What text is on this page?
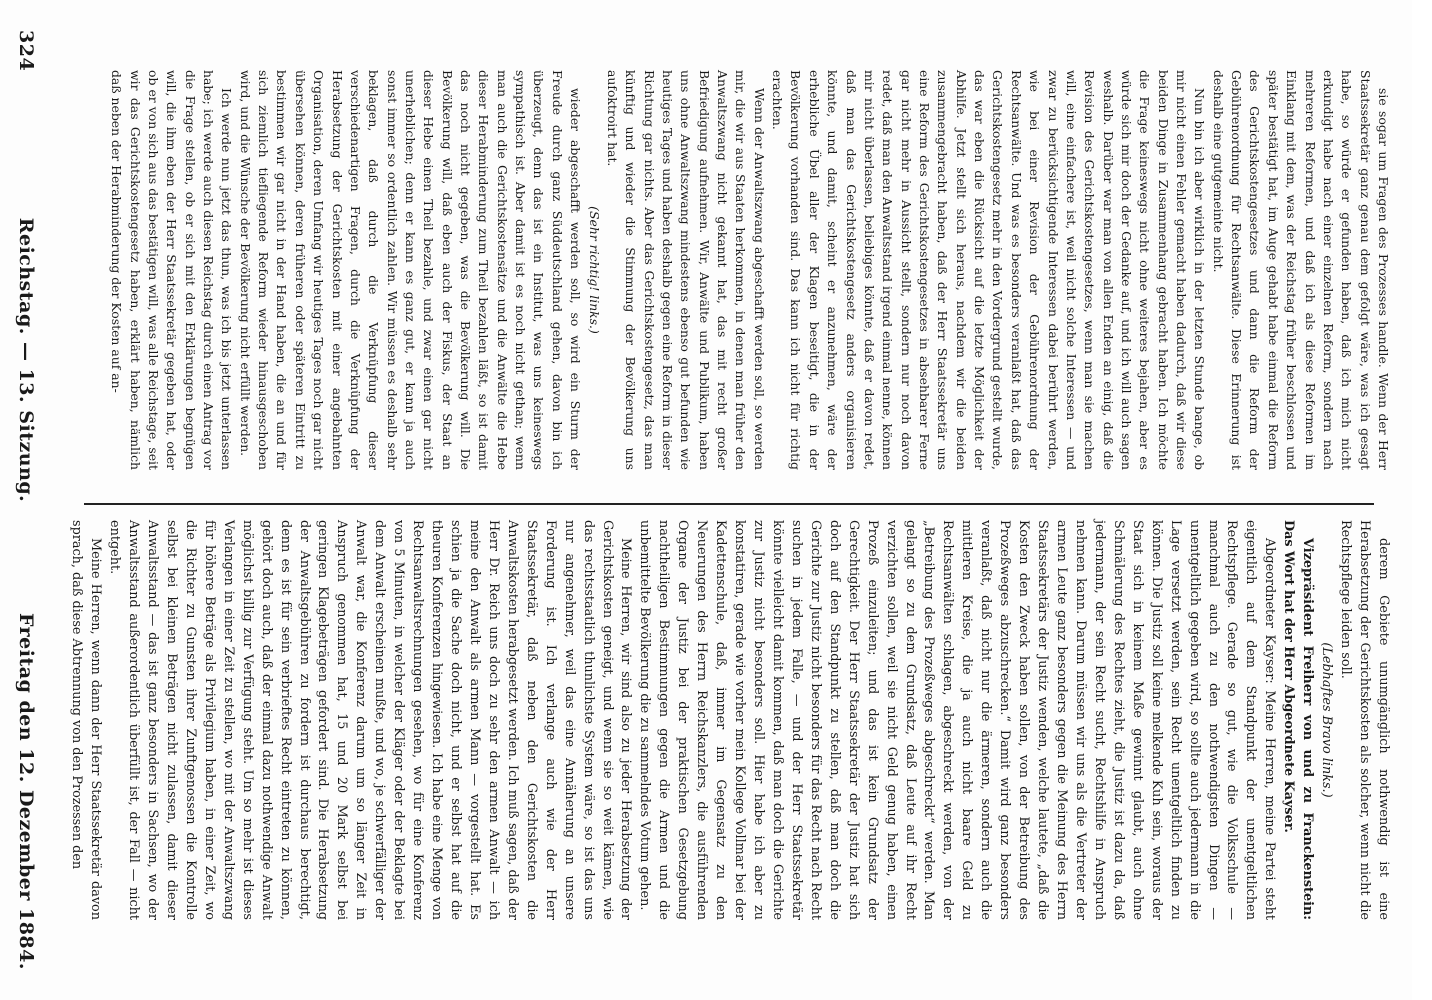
324
Reichstag. — 13. Sitzung.
Freitag den 12. Dezember 1884.

sie sogar um Fragen des Prozesses handle. Wenn der Herr Staatssekretär ganz genau dem gefolgt wäre, was ich gesagt habe, so würde er gefunden haben, daß ich mich nicht erkundigt habe nach einer einzelnen Reform, sondern nach mehreren Reformen, und daß ich als diese Reformen im Einklang mit dem, was der Reichstag früher beschlossen und später bestätigt hat, im Auge gehabt habe einmal die Reform des Gerichtskostengesetzes und dann die Reform der Gebührenordnung für Rechtsanwälte. Diese Erinnerung ist deshalb eine gutgemeinte nicht.

Nun bin ich aber wirklich in der letzten Stunde bange, ob mir nicht einen Fehler gemacht haben dadurch, daß wir diese beiden Dinge in Zusammenhang gebracht haben. Ich möchte die Frage keineswegs nicht ohne weiteres bejahen, aber es würde sich mir doch der Gedanke auf, und ich will auch sagen weshalb. Darüber war man von allen Enden an einig, daß die Revision des Gerichtskostengesetzes, wenn man sie machen will, eine einfachere ist, weil nicht solche Interessen — und zwar zu berücksichtigende Interessen dabei berührt werden, wie bei einer Revision der Gebührenordnung der Rechtsanwälte. Und was es besonders veranlaßt hat, daß das Gerichtskostengesetz mehr in den Vordergrund gestellt wurde, das war eben die Rücksicht auf die letzte Möglichkeit der Abhilfe. Jetzt stellt sich heraus, nachdem wir die beiden zusammengebracht haben, daß der Herr Staatssekretär uns eine Reform des Gerichtskostengesetzes in absehbarer Ferne gar nicht mehr in Aussicht stellt, sondern nur noch davon redet, daß man den Anwaltsstand irgend einmal nenne, können mir nicht überlassen, beliebiges könnte, daß er davon redet, daß man das Gerichtskostengesetz anders organisieren könnte, und damit, scheint er anzunehmen, wäre der erhebliche Übel aller der Klagen beseitigt, die in der Bevölkerung vorhanden sind. Das kann ich nicht für richtig erachten.

Wenn der Anwaltszwang abgeschafft werden soll, so werden mir, die wir aus Staaten herkommen, in denen man früher den Anwaltszwang nicht gekannt hat, das mit recht großer Befriedigung aufnehmen. Wir, Anwälte und Publikum, haben uns ohne Anwaltszwang mindestens ebenso gut befunden wie heutiges Tages und haben deshalb gegen eine Reform in dieser Richtung gar nichts. Aber das Gerichtskostengesetz, das man künftig und wieder die Stimmung der Bevölkerung uns aufoktroirt hat.

(Sehr richtig! links.)

wieder abgeschafft werden soll, so wird ein Sturm der Freude durch ganz Süddeutschland gehen, davon bin ich überzeugt, denn das ist ein Institut, was uns keineswegs sympathisch ist. Aber damit ist es noch nicht gethan; wenn man auch die Gerichtskostensätze und die Anwälte die Hebe dieser Herabminderung zum Theil bezahlen läßt, so ist damit das noch nicht gegeben, was die Bevölkerung will. Die Bevölkerung will, daß eben auch der Fiskus, der Staat an dieser Hebe einen Theil bezahle, und zwar einen gar nicht unerheblichen; denn er kann es ganz gut, er kann ja auch sonst immer so ordentlich zahlen. Wir müssen es deshalb sehr beklagen, daß durch die Verknüpfung dieser verschiedenartigen Fragen, durch die Verknüpfung der Herabsetzung der Gerichtskosten mit einer angebahnten Organisation, deren Umfang wir heutiges Tages noch gar nicht übersehen können, deren früheren oder späteren Eintritt zu bestimmen wir gar nicht in der Hand haben, die an und für sich ziemlich tiefliegende Reform wieder hinausgeschoben wird, und die Wünsche der Bevölkerung nicht erfüllt werden.

Ich werde nun jetzt das thun, was ich bis jetzt unterlassen habe; ich werde auch diesen Reichstag durch einen Antrag vor die Frage stellen, ob er sich mit den Erklärungen begnügen will, die ihm eben der Herr Staatssekretär gegeben hat, oder ob er von sich aus das bestätigen will, was alle Reichstage, seit wir das Gerichtskostengesetz haben, erklärt haben, nämlich daß neben der Herabminderung der Kosten auf an-

derem Gebiete unumgänglich nothwendig ist eine Herabsetzung der Gerichtskosten als solcher, wenn nicht die Rechtspflege leiden soll.

(Lebhaftes Bravo links.)

Vizepräsident Freiherr von und zu Franckenstein: Das Wort hat der Herr Abgeordnete Kayser.

Abgeordneter Kayser: Meine Herren, meine Partei steht eigentlich auf dem Standpunkt der unentgeltlichen Rechtspflege. Gerade so gut, wie die Volksschule — manchmal auch zu den nothwendigsten Dingen — unentgeltlich gegeben wird, so sollte auch jedermann in die Lage versetzt werden, sein Recht unentgeltlich finden zu können. Die Justiz soll keine melkende Kuh sein, woraus der Staat sich in keinem Maße gewinnt glaubt, auch ohne Schmälerung des Rechtes zieht, die Justiz ist dazu da, daß jedermann, der sein Recht sucht, Rechtshilfe in Anspruch nehmen kann. Darum müssen wir uns als die Vertreter der armen Leute ganz besonders gegen die Meinung des Herrn Staatssekretärs der Justiz wenden, welche lautete, „daß die Kosten den Zweck haben sollen, von der Betreibung des Prozeßweges abzuschrecken.“ Damit wird ganz besonders veranlaßt, daß nicht nur die ärmeren, sondern auch die mittleren Kreise, die ja auch nicht baare Geld zu Rechtsanwälten schlagen, abgeschreckt werden, von der „Betreibung des Prozeßweges abgeschreckt“ werden. Man gelangt so zu dem Grundsatz, daß Leute auf ihr Recht verzichten sollen, weil sie nicht Geld genug haben, einen Prozeß einzuleiten; und das ist kein Grundsatz der Gerechtigkeit. Der Herr Staatssekretär der Justiz hat sich doch auf den Standpunkt zu stellen, daß man doch die Gerichte zur Justiz nicht besonders für das Recht nach Recht suchen in jedem Falle, — und der Herr Staatssekretär könnte vielleicht damit kommen, daß man doch die Gerichte zur Justiz nicht besonders soll. Hier habe ich aber zu konstatiren, gerade wie vorher mein Kollege Vollmar bei der Kadettenschule, daß, immer im Gegensatz zu den Neuerungen des Herrn Reichskanzlers, die ausführenden Organe der Justiz bei der praktischen Gesetzgebung nachtheiligen Bestimmungen gegen die Armen und die unbemittelte Bevölkerung die zu sammelndes Votum gehen.

Meine Herren, wir sind also zu jeder Herabsetzung der Gerichtskosten geneigt, und wenn sie so weit kämen, wie das rechtsstaatlich thunlichste System wäre, so ist das uns nur angenehmer, weil das eine Annäherung an unsere Forderung ist. Ich verlange auch wie der Herr Staatssekretär, daß neben den Gerichtskosten die Anwaltskosten herabgesetzt werden. Ich muß sagen, daß der Herr Dr. Reich uns doch zu sehr den armen Anwalt — ich meine den Anwalt als armen Mann — vorgestellt hat. Es schien ja die Sache doch nicht, und er selbst hat auf die theuren Konferenzen hingewiesen. Ich habe eine Menge von Rechtsanwaltsrechnungen gesehen, wo für eine Konferenz von 5 Minuten, in welcher der Kläger oder der Beklagte bei dem Anwalt erscheinen mußte, und wo, je schwerfälliger der Anwalt war, die Konferenz darum um so länger Zeit in Anspruch genommen hat, 15 und 20 Mark selbst bei geringen Klagebeträgen gefordert sind. Die Herabsetzung der Anwaltsgebühren zu fordern ist durchaus berechtigt, denn es ist für sein verbrieftes Recht eintreten zu können, gehört doch auch, daß der einmal dazu nothwendige Anwalt möglichst billig zur Verfügung steht. Um so mehr ist dieses Verlangen in einer Zeit zu stellen, wo mit der Anwaltszwang für höhere Beträge als Privilegium haben, in einer Zeit, wo die Richter zu Gunsten ihrer Zunftgenossen die Kontrolle selbst bei kleinen Beträgen nicht zulassen, damit dieser Anwaltsstand — das ist ganz besonders in Sachsen, wo der Anwaltsstand außerordentlich überfüllt ist, der Fall — nicht entgeht.

Meine Herren, wenn dann der Herr Staatssekretär davon sprach, daß diese Abtrennung von den Prozessen den
